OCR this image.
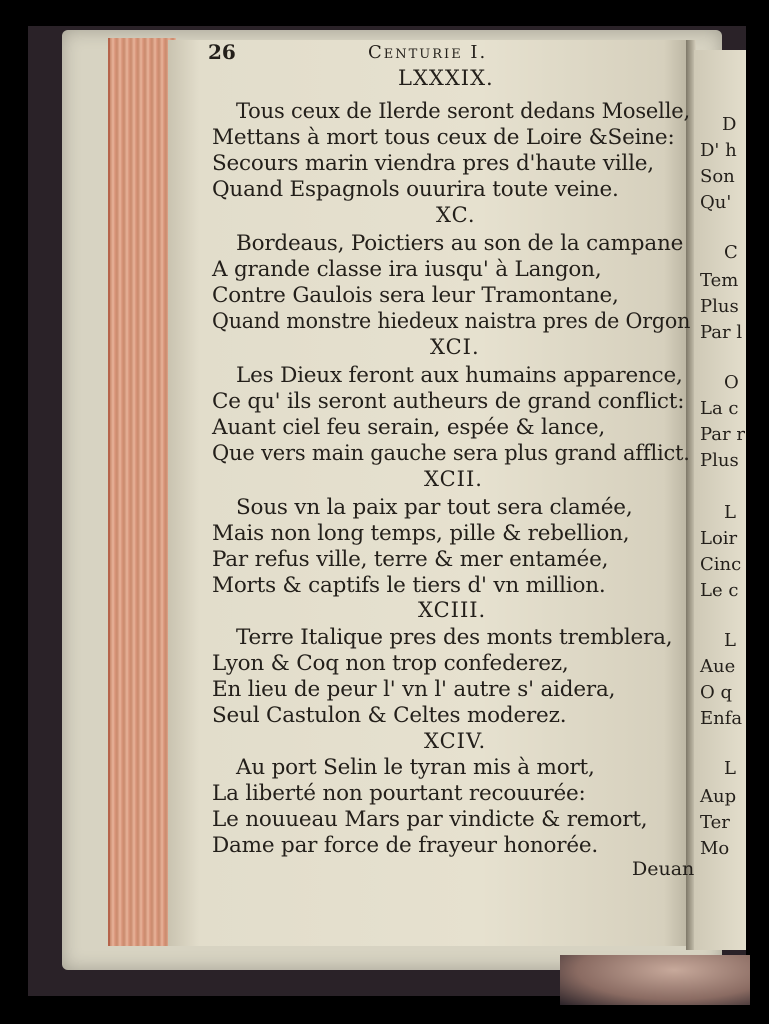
D
D' h
Son
Qu'
C
Tem
Plus
Par l
O
La c
Par r
Plus
L
Loir
Cinc
Le c
L
Aue
O q
Enfa
L
Aup
Ter
Mo
26	Centurie I.
LXXXIX.
Tous ceux de Ilerde seront dedans Moselle,
Mettans à mort tous ceux de Loire &Seine:
Secours marin viendra pres d'haute ville,
Quand Espagnols ouurira toute veine.
XC.
Bordeaus, Poictiers au son de la campane
A grande classe ira iusqu' à Langon,
Contre Gaulois sera leur Tramontane,
Quand monstre hiedeux naistra pres de Orgon
XCI.
Les Dieux feront aux humains apparence,
Ce qu' ils seront autheurs de grand conflict:
Auant ciel feu serain, espée & lance,
Que vers main gauche sera plus grand afflict.
XCII.
Sous vn la paix par tout sera clamée,
Mais non long temps, pille & rebellion,
Par refus ville, terre & mer entamée,
Morts & captifs le tiers d' vn million.
XCIII.
Terre Italique pres des monts tremblera,
Lyon & Coq non trop confederez,
En lieu de peur l' vn l' autre s' aidera,
Seul Castulon & Celtes moderez.
XCIV.
Au port Selin le tyran mis à mort,
La liberté non pourtant recouurée:
Le nouueau Mars par vindicte & remort,
Dame par force de frayeur honorée.
Deuan
